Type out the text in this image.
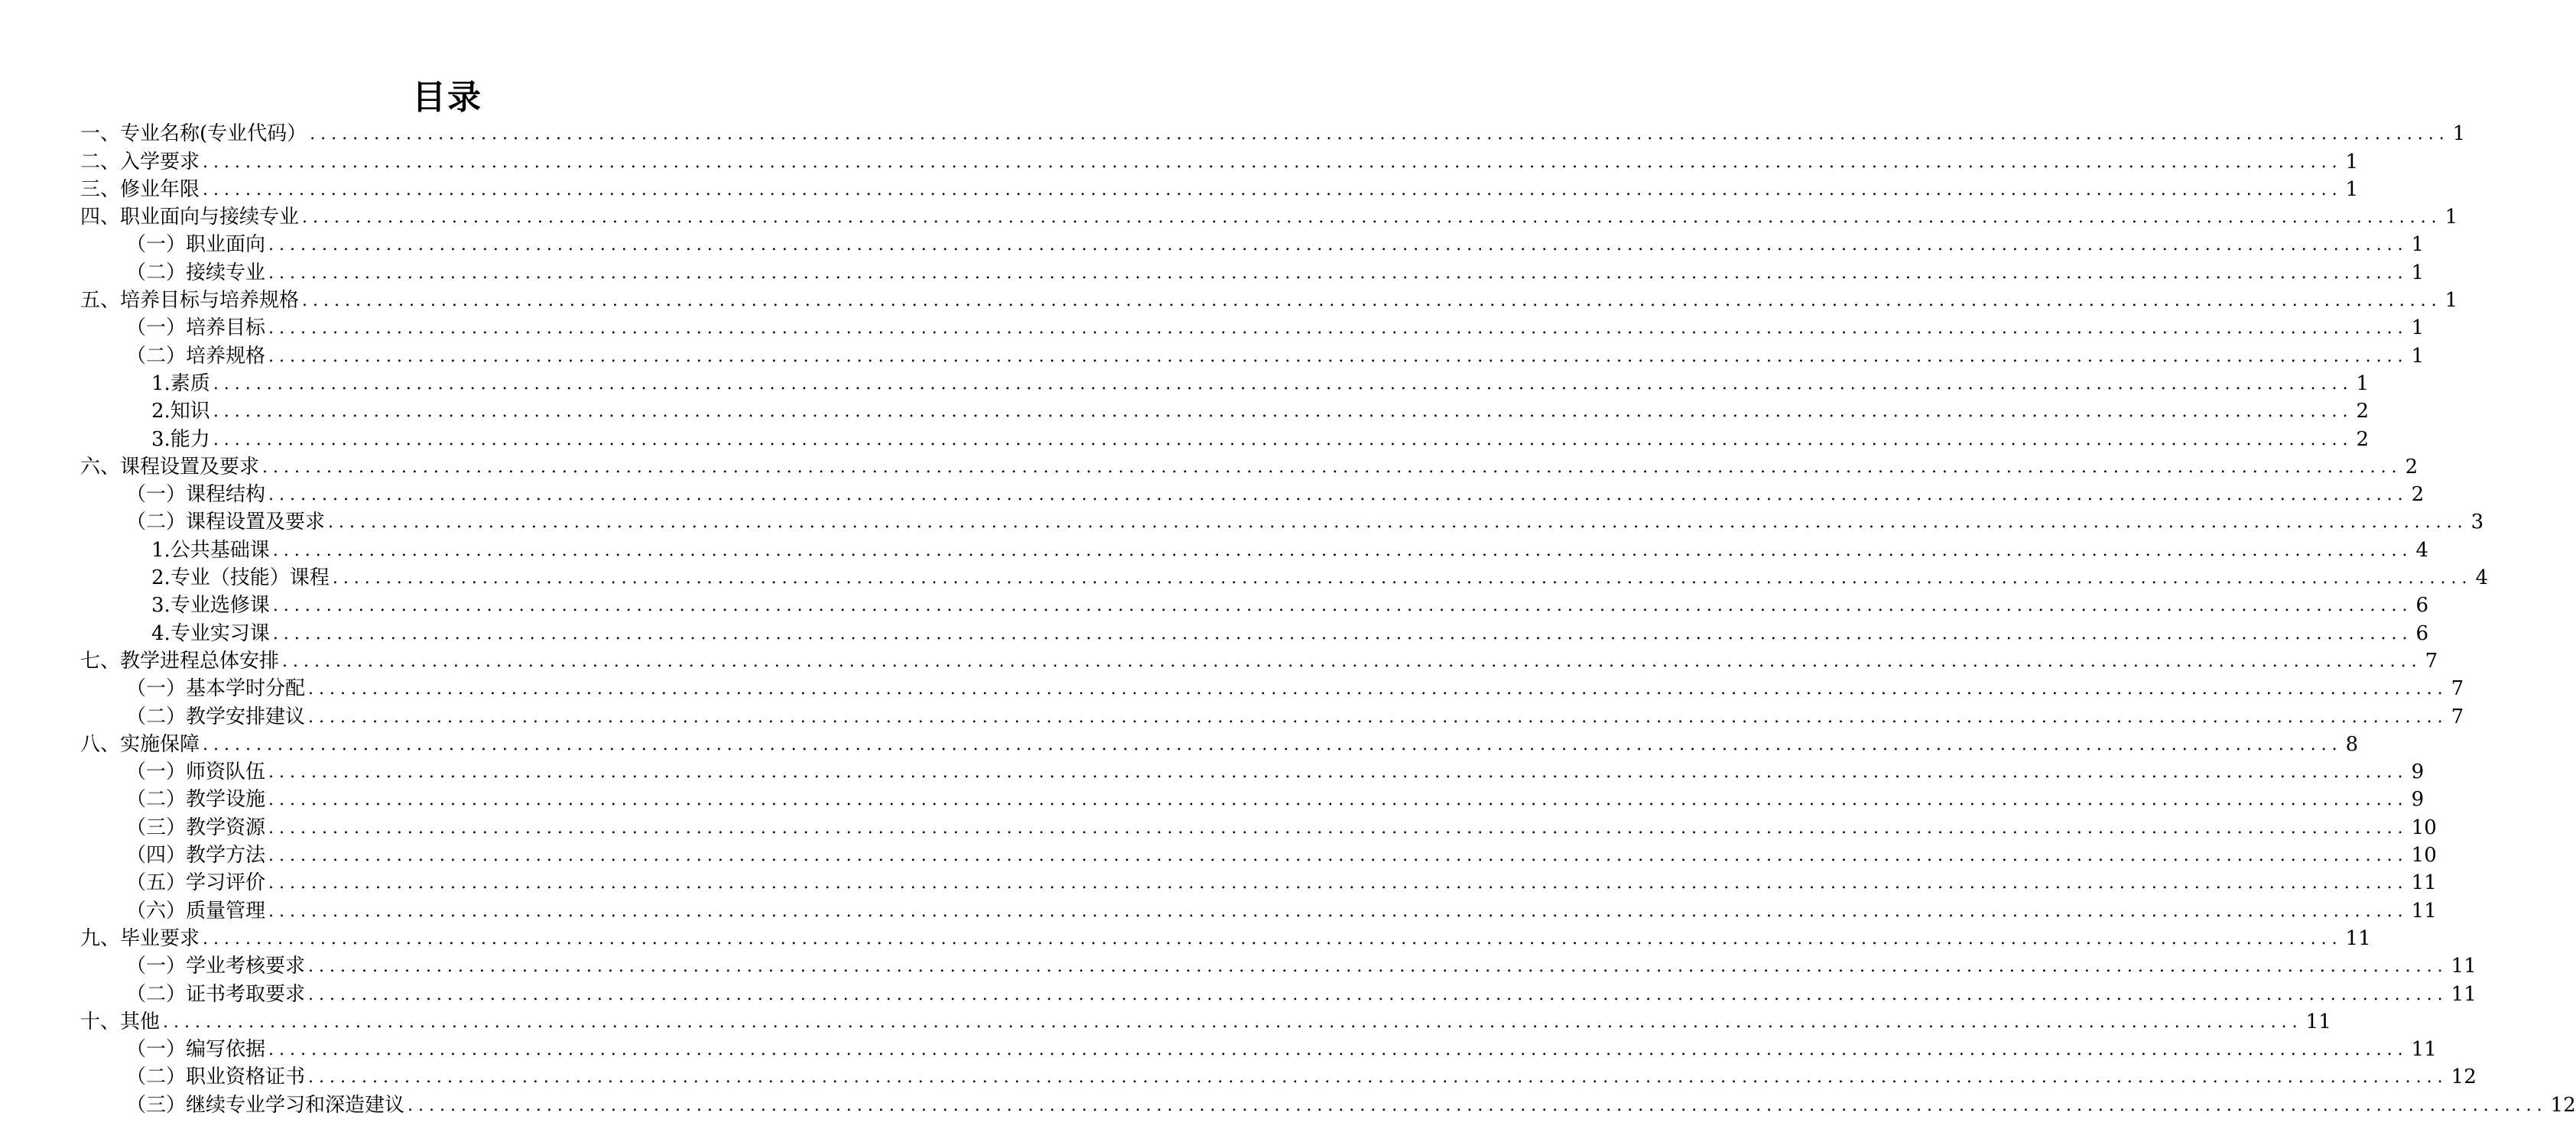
目录
一、专业名称(专业代码） ........................................................................................................................................................................................................ 1
二、入学要求 ........................................................................................................................................................................................................ 1
三、修业年限 ........................................................................................................................................................................................................ 1
四、职业面向与接续专业 ........................................................................................................................................................................................................ 1
（一）职业面向 ........................................................................................................................................................................................................ 1
（二）接续专业 ........................................................................................................................................................................................................ 1
五、培养目标与培养规格 ........................................................................................................................................................................................................ 1
（一）培养目标 ........................................................................................................................................................................................................ 1
（二）培养规格 ........................................................................................................................................................................................................ 1
1.素质 ........................................................................................................................................................................................................ 1
2.知识 ........................................................................................................................................................................................................ 2
3.能力 ........................................................................................................................................................................................................ 2
六、课程设置及要求 ........................................................................................................................................................................................................ 2
（一）课程结构 ........................................................................................................................................................................................................ 2
（二）课程设置及要求 ........................................................................................................................................................................................................ 3
1.公共基础课 ........................................................................................................................................................................................................ 4
2.专业（技能）课程 ........................................................................................................................................................................................................ 4
3.专业选修课 ........................................................................................................................................................................................................ 6
4.专业实习课 ........................................................................................................................................................................................................ 6
七、教学进程总体安排 ........................................................................................................................................................................................................ 7
（一）基本学时分配 ........................................................................................................................................................................................................ 7
（二）教学安排建议 ........................................................................................................................................................................................................ 7
八、实施保障 ........................................................................................................................................................................................................ 8
（一）师资队伍 ........................................................................................................................................................................................................ 9
（二）教学设施 ........................................................................................................................................................................................................ 9
（三）教学资源 ........................................................................................................................................................................................................ 10
（四）教学方法 ........................................................................................................................................................................................................ 10
（五）学习评价 ........................................................................................................................................................................................................ 11
（六）质量管理 ........................................................................................................................................................................................................ 11
九、毕业要求 ........................................................................................................................................................................................................ 11
（一）学业考核要求 ........................................................................................................................................................................................................ 11
（二）证书考取要求 ........................................................................................................................................................................................................ 11
十、其他 ........................................................................................................................................................................................................ 11
（一）编写依据 ........................................................................................................................................................................................................ 11
（二）职业资格证书 ........................................................................................................................................................................................................ 12
（三）继续专业学习和深造建议 ........................................................................................................................................................................................................ 12
